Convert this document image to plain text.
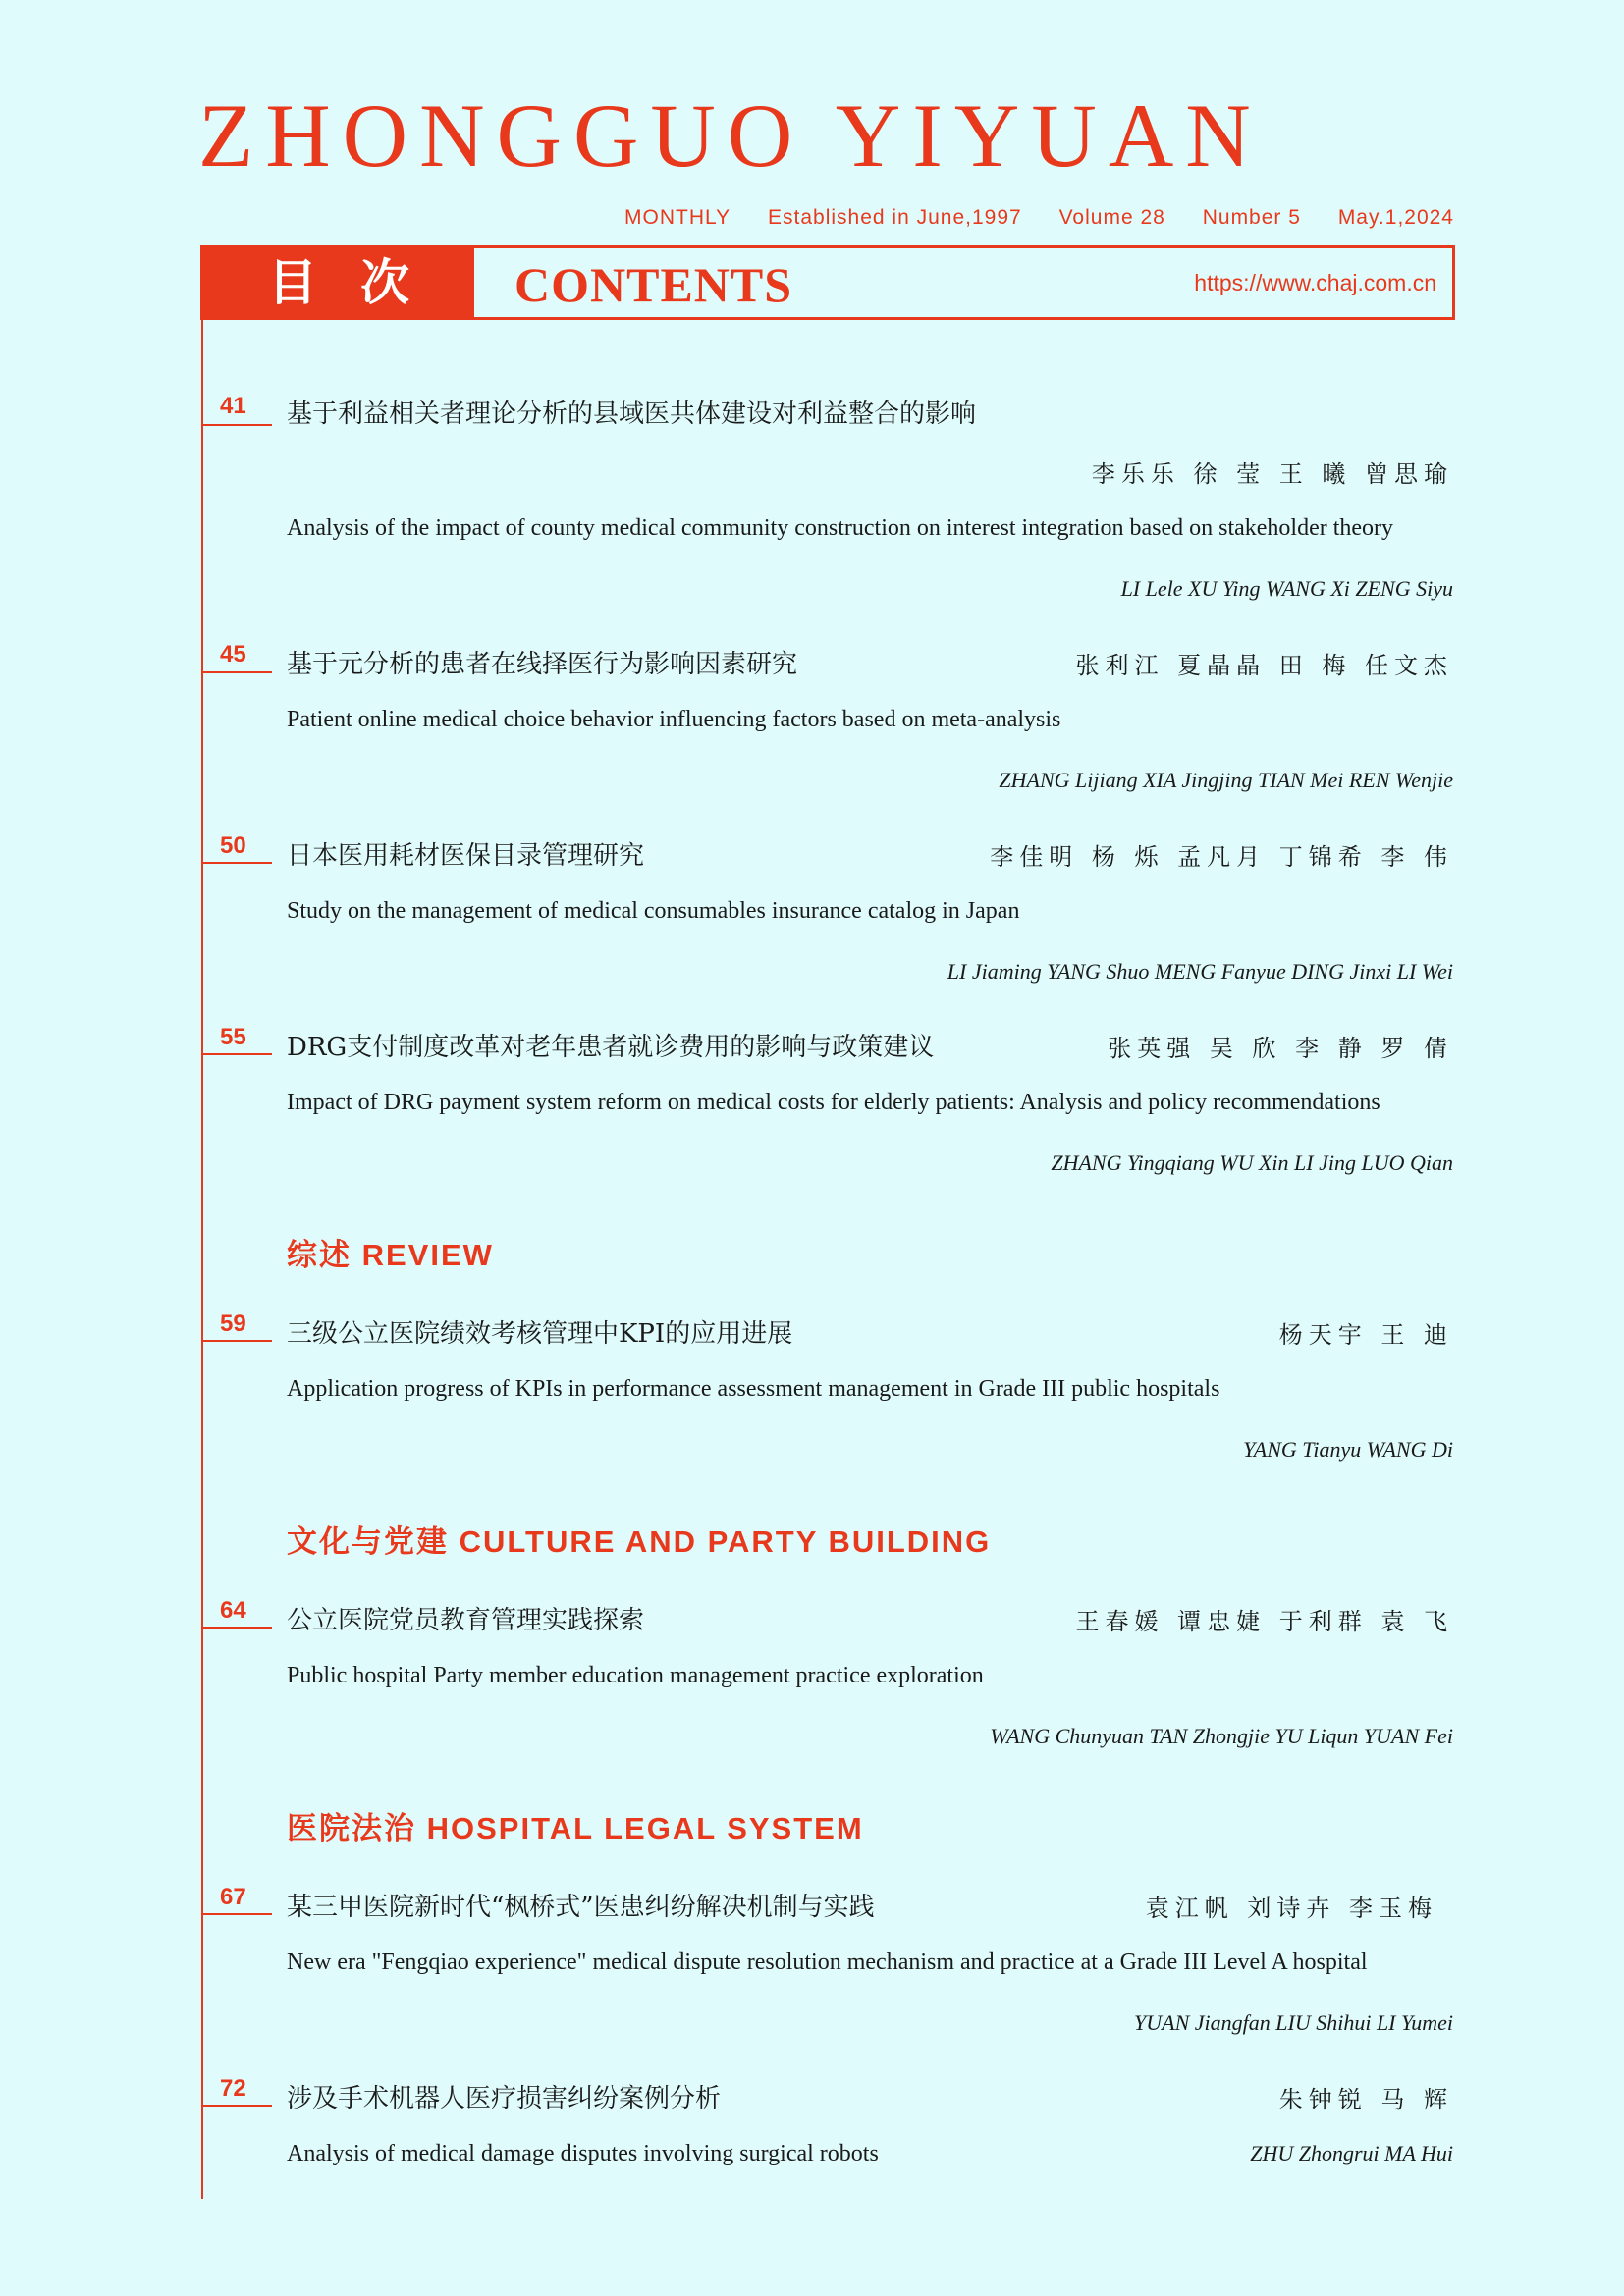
ZHONGGUO YIYUAN
MONTHLY Established in June,1997 Volume 28 Number 5 May.1,2024
目次 CONTENTS	https://www.chaj.com.cn
41 基于利益相关者理论分析的县域医共体建设对利益整合的影响
李乐乐 徐 莹 王 曦 曾思瑜
Analysis of the impact of county medical community construction on interest integration based on stakeholder theory
LI Lele XU Ying WANG Xi ZENG Siyu
45 基于元分析的患者在线择医行为影响因素研究	张利江 夏晶晶 田 梅 任文杰
Patient online medical choice behavior influencing factors based on meta-analysis
ZHANG Lijiang XIA Jingjing TIAN Mei REN Wenjie
50 日本医用耗材医保目录管理研究	李佳明 杨 烁 孟凡月 丁锦希 李 伟
Study on the management of medical consumables insurance catalog in Japan
LI Jiaming YANG Shuo MENG Fanyue DING Jinxi LI Wei
55 DRG支付制度改革对老年患者就诊费用的影响与政策建议	张英强 吴 欣 李 静 罗 倩
Impact of DRG payment system reform on medical costs for elderly patients: Analysis and policy recommendations
ZHANG Yingqiang WU Xin LI Jing LUO Qian
综述 REVIEW
59 三级公立医院绩效考核管理中KPI的应用进展	杨天宇 王 迪
Application progress of KPIs in performance assessment management in Grade III public hospitals
YANG Tianyu WANG Di
文化与党建 CULTURE AND PARTY BUILDING
64 公立医院党员教育管理实践探索	王春媛 谭忠婕 于利群 袁 飞
Public hospital Party member education management practice exploration
WANG Chunyuan TAN Zhongjie YU Liqun YUAN Fei
医院法治 HOSPITAL LEGAL SYSTEM
67 某三甲医院新时代“枫桥式”医患纠纷解决机制与实践	袁江帆 刘诗卉 李玉梅
New era "Fengqiao experience" medical dispute resolution mechanism and practice at a Grade III Level A hospital
YUAN Jiangfan LIU Shihui LI Yumei
72 涉及手术机器人医疗损害纠纷案例分析	朱钟锐 马 辉
Analysis of medical damage disputes involving surgical robots	ZHU Zhongrui MA Hui
